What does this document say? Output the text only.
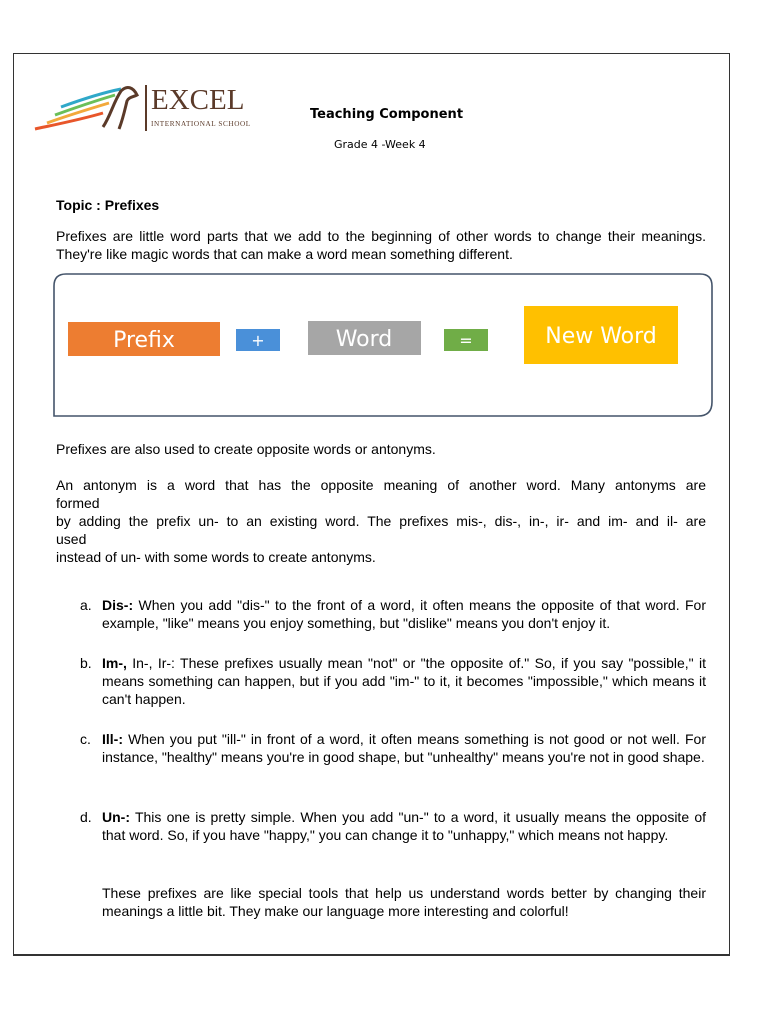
EXCEL
INTERNATIONAL SCHOOL
Teaching Component
Grade 4 -Week 4
Topic : Prefixes
Prefixes are little word parts that we add to the beginning of other words to change their meanings. They're like magic words that can make a word mean something different.
Prefix	+	Word	=	New Word
Prefixes are also used to create opposite words or antonyms.
An antonym is a word that has the opposite meaning of another word. Many antonyms are
formed
by adding the prefix un- to an existing word. The prefixes mis-, dis-, in-, ir- and im- and il- are
used
instead of un- with some words to create antonyms.
a. Dis-: When you add "dis-" to the front of a word, it often means the opposite of that word. For example, "like" means you enjoy something, but "dislike" means you don't enjoy it.
b. Im-, In-, Ir-: These prefixes usually mean "not" or "the opposite of." So, if you say "possible," it means something can happen, but if you add "im-" to it, it becomes "impossible," which means it can't happen.
c. Ill-: When you put "ill-" in front of a word, it often means something is not good or not well. For instance, "healthy" means you're in good shape, but "unhealthy" means you're not in good shape.
d. Un-: This one is pretty simple. When you add "un-" to a word, it usually means the opposite of that word. So, if you have "happy," you can change it to "unhappy," which means not happy.
These prefixes are like special tools that help us understand words better by changing their meanings a little bit. They make our language more interesting and colorful!
